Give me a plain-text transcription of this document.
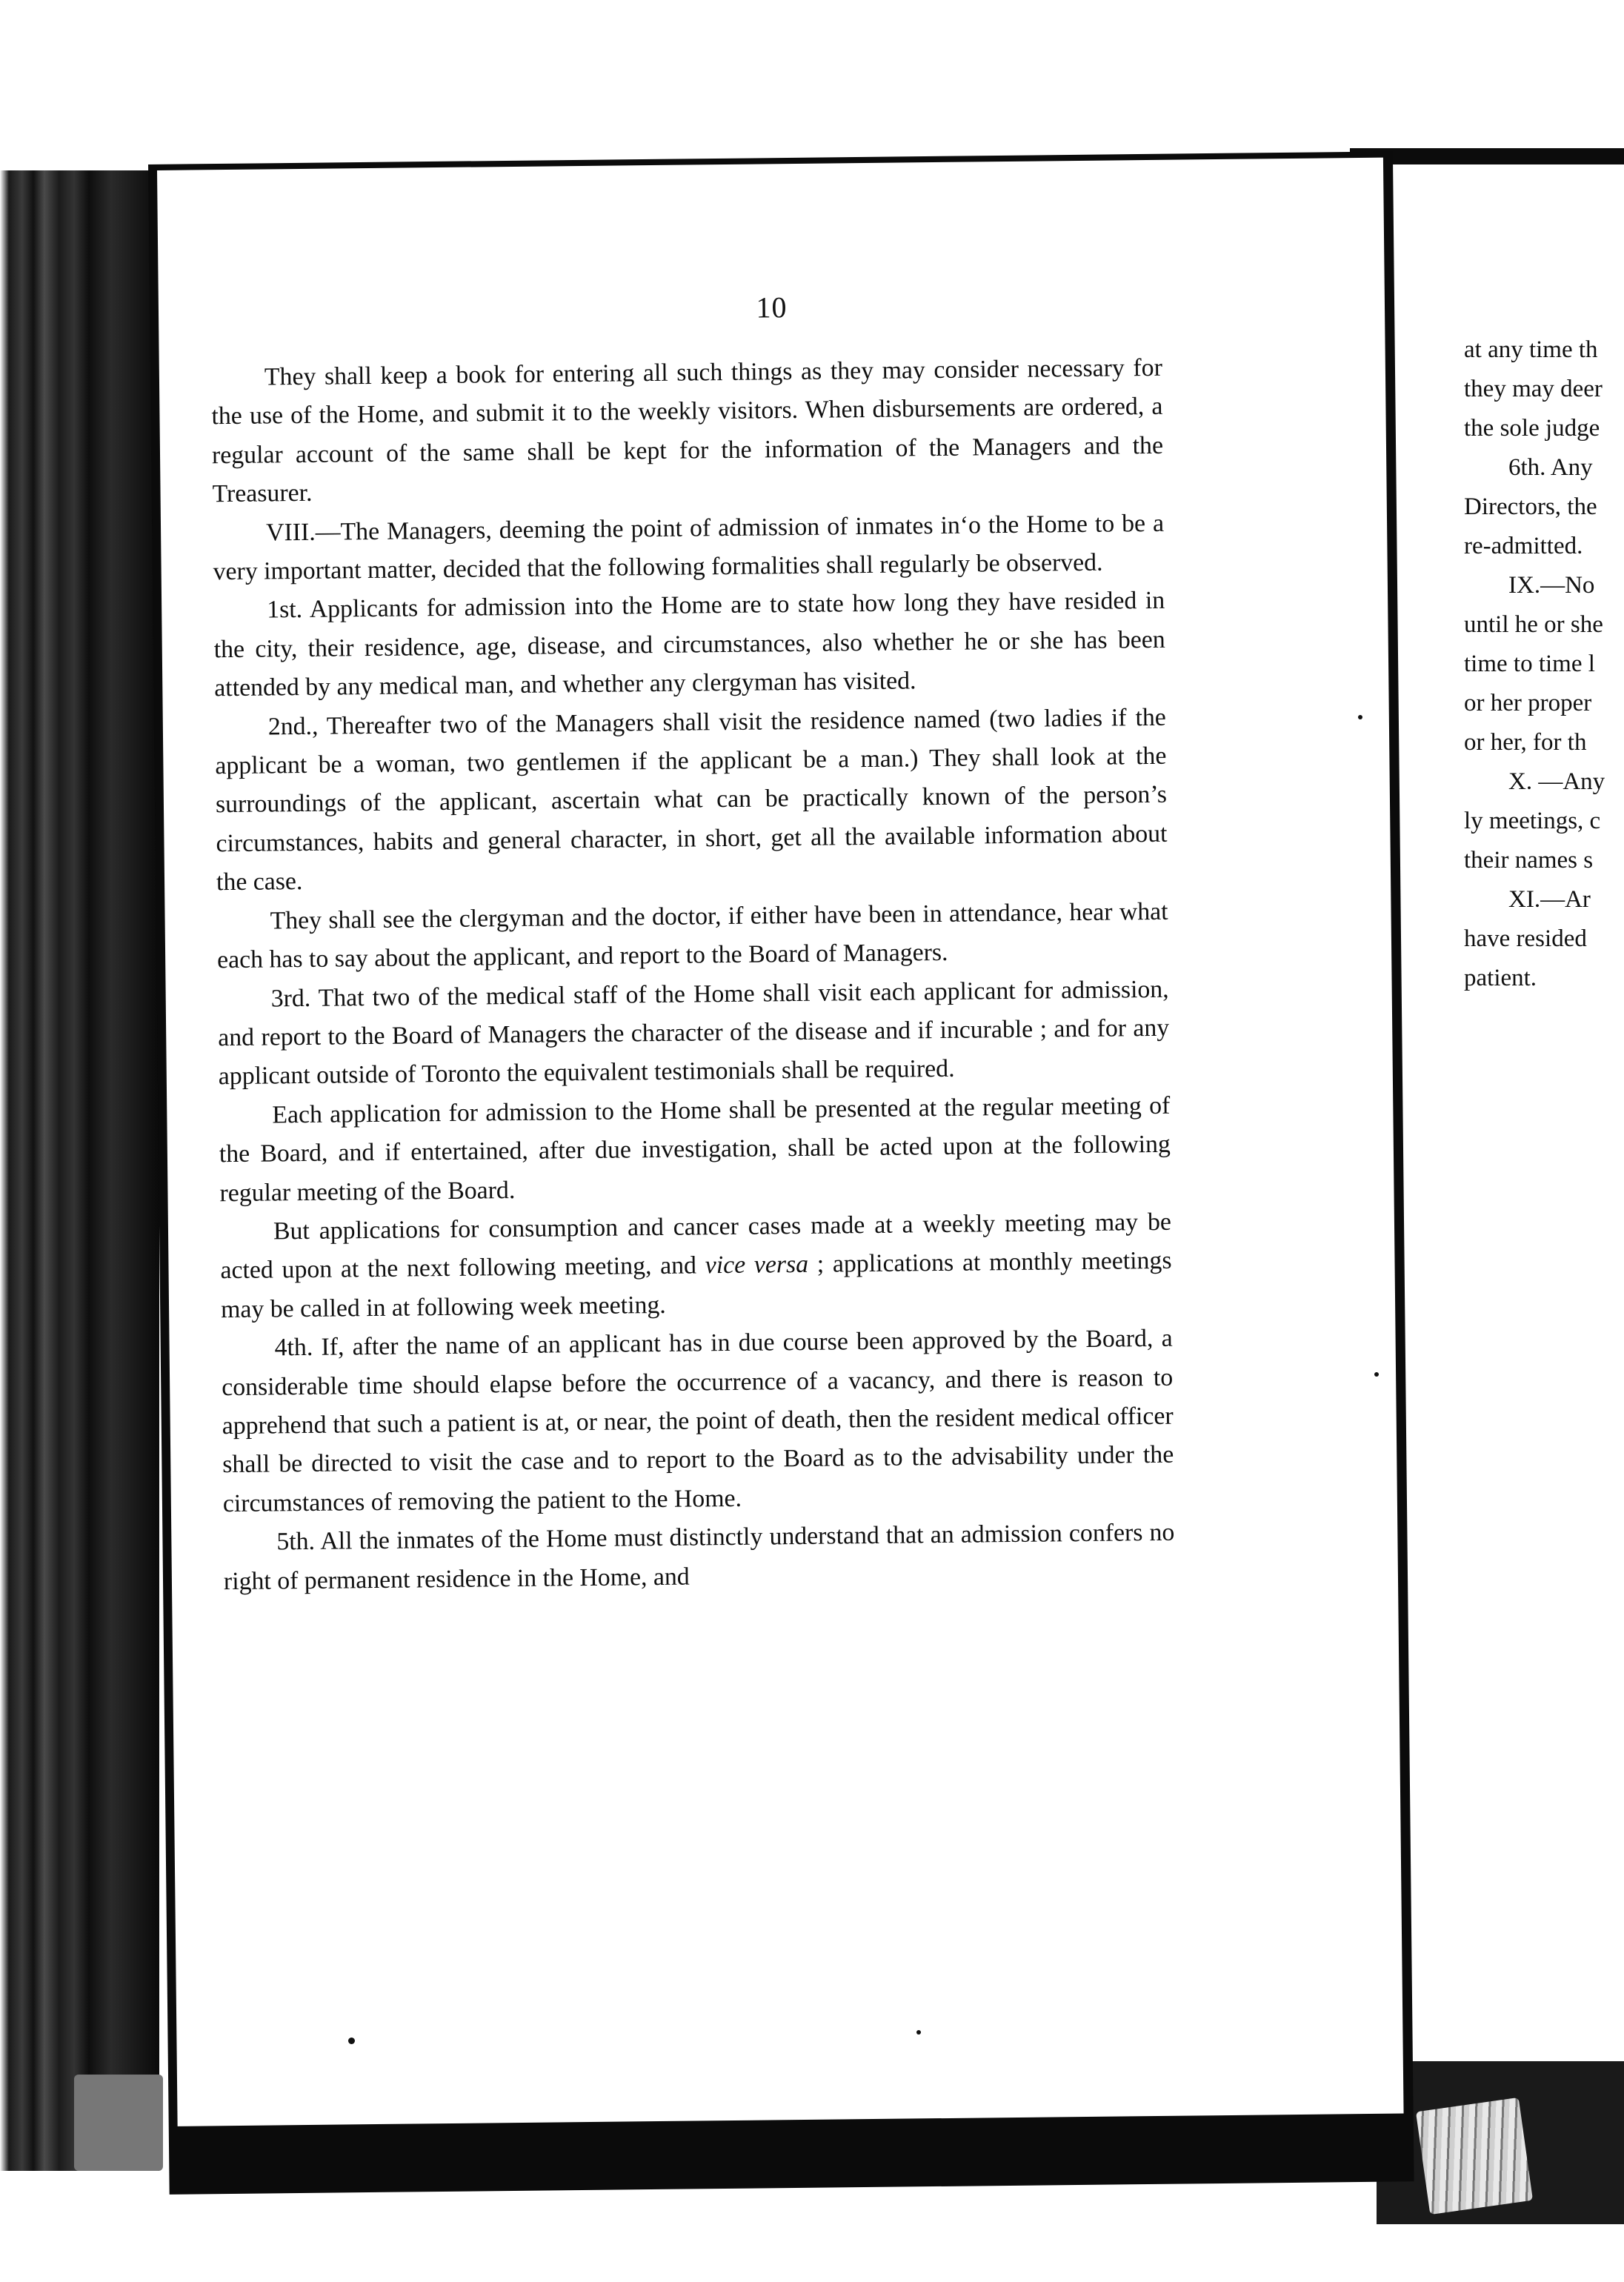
at any time th
they may deer
the sole judge
6th. Any
Directors, the
re-admitted.
IX.—No
until he or she
time to time l
or her proper
or her, for th
X. —Any
ly meetings, c
their names s
XI.—Ar
have resided
patient.
10

They shall keep a book for entering all such things as they may consider necessary for the use of the Home, and submit it to the weekly visitors. When disbursements are ordered, a regular account of the same shall be kept for the information of the Managers and the Treasurer.

VIII.—The Managers, deeming the point of admission of inmates in‘o the Home to be a very important matter, decided that the following formalities shall regularly be observed.

1st. Applicants for admission into the Home are to state how long they have resided in the city, their residence, age, disease, and circumstances, also whether he or she has been attended by any medical man, and whether any clergyman has visited.

2nd., Thereafter two of the Managers shall visit the residence named (two ladies if the applicant be a woman, two gentlemen if the applicant be a man.) They shall look at the surroundings of the applicant, ascertain what can be practically known of the person’s circumstances, habits and general character, in short, get all the available information about the case.

They shall see the clergyman and the doctor, if either have been in attendance, hear what each has to say about the applicant, and report to the Board of Managers.

3rd. That two of the medical staff of the Home shall visit each applicant for admission, and report to the Board of Managers the character of the disease and if incurable ; and for any applicant outside of Toronto the equivalent testimonials shall be required.

Each application for admission to the Home shall be presented at the regular meeting of the Board, and if entertained, after due investigation, shall be acted upon at the following regular meeting of the Board.

But applications for consumption and cancer cases made at a weekly meeting may be acted upon at the next following meeting, and vice versa ; applications at monthly meetings may be called in at following week meeting.

4th. If, after the name of an applicant has in due course been approved by the Board, a considerable time should elapse before the occurrence of a vacancy, and there is reason to apprehend that such a patient is at, or near, the point of death, then the resident medical officer shall be directed to visit the case and to report to the Board as to the advisability under the circumstances of removing the patient to the Home.

5th. All the inmates of the Home must distinctly understand that an admission confers no right of permanent residence in the Home, and
